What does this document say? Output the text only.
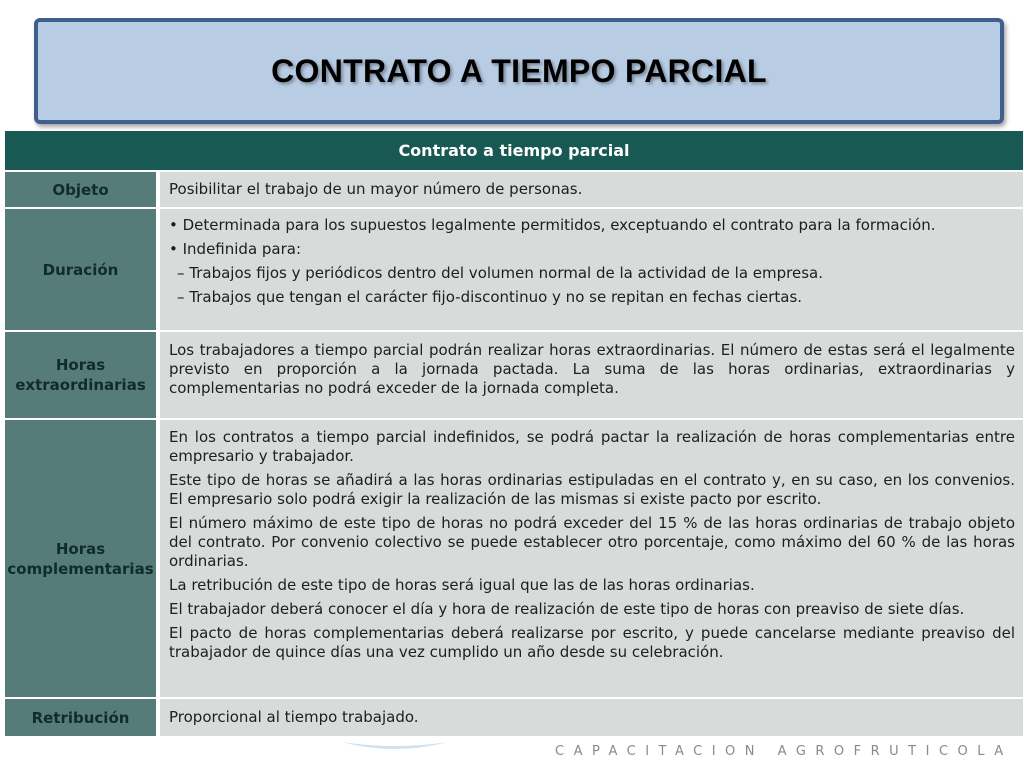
CONTRATO A TIEMPO PARCIAL
Contrato a tiempo parcial
Objeto	Posibilitar el trabajo de un mayor número de personas.
Duración
• Determinada para los supuestos legalmente permitidos, exceptuando el contrato para la formación.
• Indefinida para:
– Trabajos fijos y periódicos dentro del volumen normal de la actividad de la empresa.
– Trabajos que tengan el carácter fijo-discontinuo y no se repitan en fechas ciertas.
Horas extraordinarias

Los trabajadores a tiempo parcial podrán realizar horas extraordinarias. El número de estas será el legalmente previsto en proporción a la jornada pactada. La suma de las horas ordinarias, extraordinarias y complementarias no podrá exceder de la jornada completa.

Horas complementarias

En los contratos a tiempo parcial indefinidos, se podrá pactar la realización de horas complementarias entre empresario y trabajador.

Este tipo de horas se añadirá a las horas ordinarias estipuladas en el contrato y, en su caso, en los convenios. El empresario solo podrá exigir la realización de las mismas si existe pacto por escrito.

El número máximo de este tipo de horas no podrá exceder del 15 % de las horas ordinarias de trabajo objeto del contrato. Por convenio colectivo se puede establecer otro porcentaje, como máximo del 60 % de las horas ordinarias.

La retribución de este tipo de horas será igual que las de las horas ordinarias.

El trabajador deberá conocer el día y hora de realización de este tipo de horas con preaviso de siete días.

El pacto de horas complementarias deberá realizarse por escrito, y puede cancelarse mediante preaviso del trabajador de quince días una vez cumplido un año desde su celebración.

Retribución	Proporcional al tiempo trabajado.
CAPACITACION AGROFRUTICOLA
